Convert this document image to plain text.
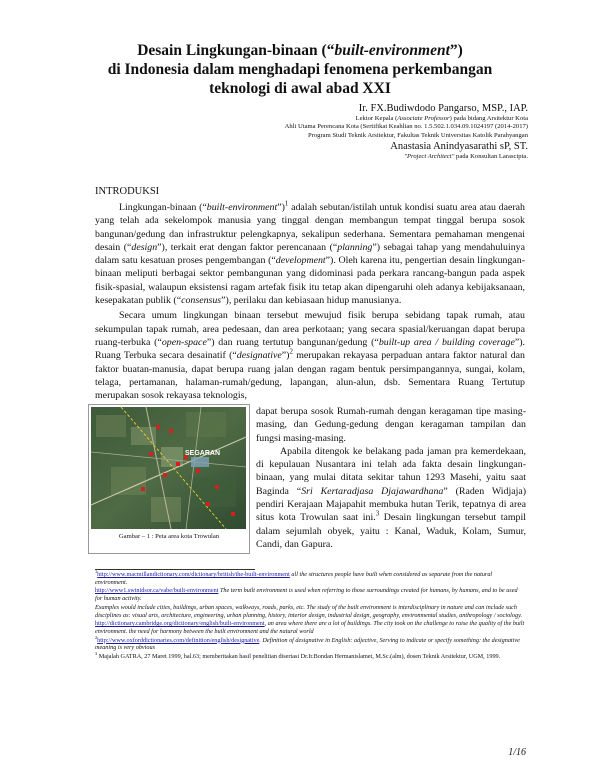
Desain Lingkungan-binaan (“built-environment”)
di Indonesia dalam menghadapi fenomena perkembangan
teknologi di awal abad XXI
Ir. FX.Budiwdodo Pangarso, MSP., IAP.
Lektor Kepala (Associate Professor) pada bidang Arsitektur Kota
Ahli Utama Perencana Kota (Sertifikat Keahlian no. 1.5.502.1.034.09.1024197 (2014-2017)
Program Studi Teknik Arsitektur, Fakultas Teknik Universitas Katolik Parahyangan
Anastasia Anindyasarathi sP, ST.
"Project Architect" pada Konsultan Larascipta.
INTRODUKSI

Lingkungan-binaan (“built-environment”)$^1$ adalah sebutan/istilah untuk kondisi suatu area atau daerah yang telah ada sekelompok manusia yang tinggal dengan membangun tempat tinggal berupa sosok bangunan/gedung dan infrastruktur pelengkapnya, sekalipun sederhana. Sementara pemahaman mengenai desain (“design”), terkait erat dengan faktor perencanaan (“planning”) sebagai tahap yang mendahuluinya dalam satu kesatuan proses pengembangan (“development”). Oleh karena itu, pengertian desain lingkungan-binaan meliputi berbagai sektor pembangunan yang didominasi pada perkara rancang-bangun pada aspek fisik-spasial, walaupun eksistensi ragam artefak fisik itu tetap akan dipengaruhi oleh adanya kebijaksanaan, kesepakatan publik (“consensus”), perilaku dan kebiasaan hidup manusianya.

Secara umum lingkungan binaan tersebut mewujud fisik berupa sebidang tapak rumah, atau sekumpulan tapak rumah, area pedesaan, dan area perkotaan; yang secara spasial/keruangan dapat berupa ruang-terbuka (“open-space”) dan ruang tertutup bangunan/gedung (“built-up area / building coverage”). Ruang Terbuka secara desainatif (“designative”)$^2$ merupakan rekayasa perpaduan antara faktor natural dan faktor buatan-manusia, dapat berupa ruang jalan dengan ragam bentuk persimpangannya, sungai, kolam, telaga, pertamanan, halaman-rumah/gedung, lapangan, alun-alun, dsb. Sementara Ruang Tertutup merupakan sosok rekayasa teknologis,

SEGARAN
Gambar – 1 : Peta area kota Trowulan

dapat berupa sosok Rumah-rumah dengan keragaman tipe masing-masing, dan Gedung-gedung dengan keragaman tampilan dan fungsi masing-masing.

Apabila ditengok ke belakang pada jaman pra kemerdekaan, di kepulauan Nusantara ini telah ada fakta desain lingkungan-binaan, yang mulai ditata sekitar tahun 1293 Masehi, yaitu saat Baginda “Sri Kertaradjasa Djajawardhana” (Raden Widjaja) pendiri Kerajaan Majapahit membuka hutan Terik, tepatnya di area situs kota Trowulan saat ini.$^3$ Desain lingkungan tersebut tampil dalam sejumlah obyek, yaitu : Kanal, Waduk, Kolam, Sumur, Candi, dan Gapura.

$^1$http://www.macmillandictionary.com/dictionary/british/the-built-environment all the structures people have built when considered as separate from the natural environment.

http://www1.swinidsor.ca/vabe/built-environment The term built environment is used when referring to those surroundings created for humans, by humans, and to be used for human activity.

Examples would include cities, buildings, urban spaces, walkways, roads, parks, etc. The study of the built environment is interdisciplinary in nature and can include such disciplines as: visual arts, architecture, engineering, urban planning, history, interior design, industrial design, geography, environmental studies, anthropology / sociology.

http://dictionary.cambridge.org/dictionary/english/built-environment, an area where there are a lot of buildings. The city took on the challenge to raise the quality of the built environment. the need for harmony between the built environment and the natural world

$^2$http://www.oxforddictionaries.com/definition/english/designative. Definition of designative in English: adjective, Serving to indicate or specify something: the designative meaning is very obvious

$^3$ Majalah GATRA, 27 Maret 1999, hal.63; memberitakan hasil penelitian disertasi Dr.Ir.Bondan Hermanislamet, M.Sc.(alm), dosen Teknik Arsitektur, UGM, 1999.

1/16
